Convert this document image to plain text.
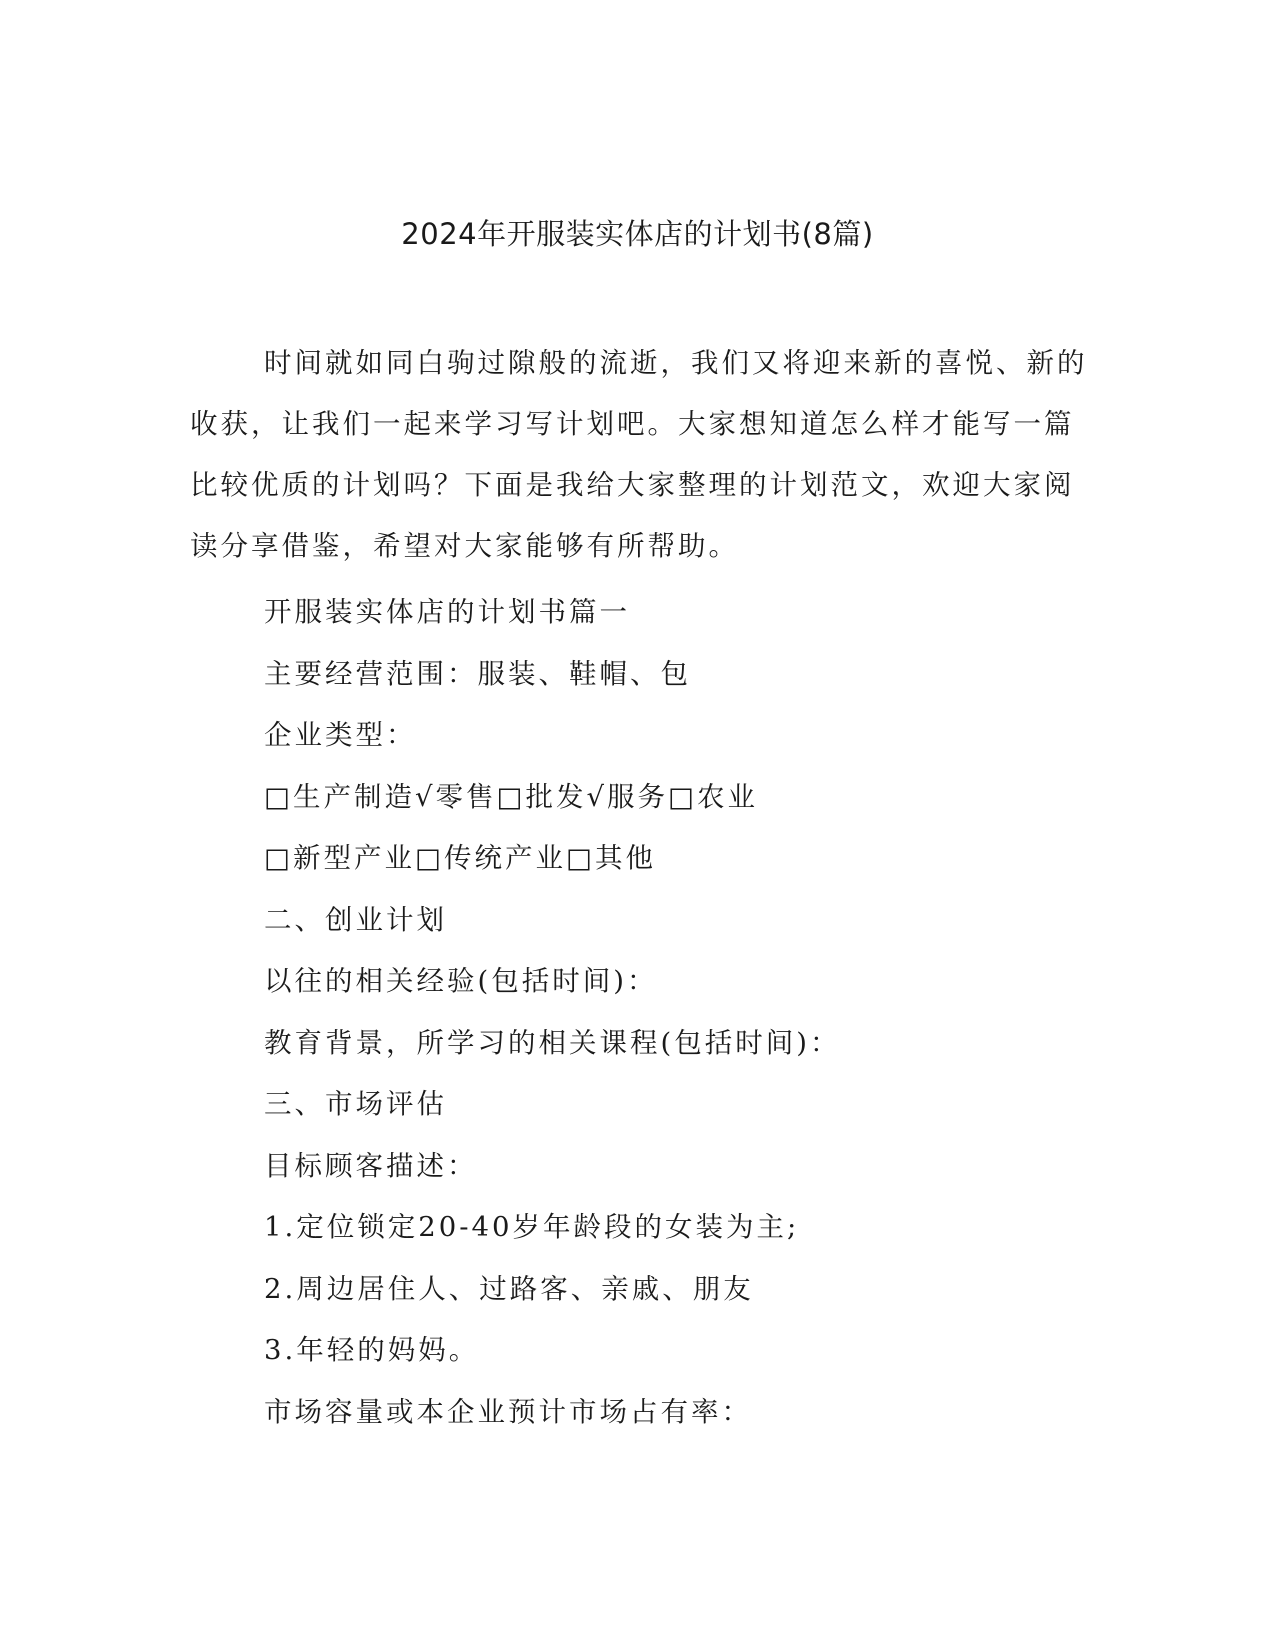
2024年开服装实体店的计划书(8篇)

时间就如同白驹过隙般的流逝，我们又将迎来新的喜悦、新的收获，让我们一起来学习写计划吧。大家想知道怎么样才能写一篇比较优质的计划吗？下面是我给大家整理的计划范文，欢迎大家阅读分享借鉴，希望对大家能够有所帮助。

开服装实体店的计划书篇一
主要经营范围：服装、鞋帽、包
企业类型：
□生产制造√零售□批发√服务□农业
□新型产业□传统产业□其他
二、创业计划
以往的相关经验(包括时间)：
教育背景，所学习的相关课程(包括时间)：
三、市场评估
目标顾客描述：
1.定位锁定20-40岁年龄段的女装为主;
2.周边居住人、过路客、亲戚、朋友
3.年轻的妈妈。
市场容量或本企业预计市场占有率：
